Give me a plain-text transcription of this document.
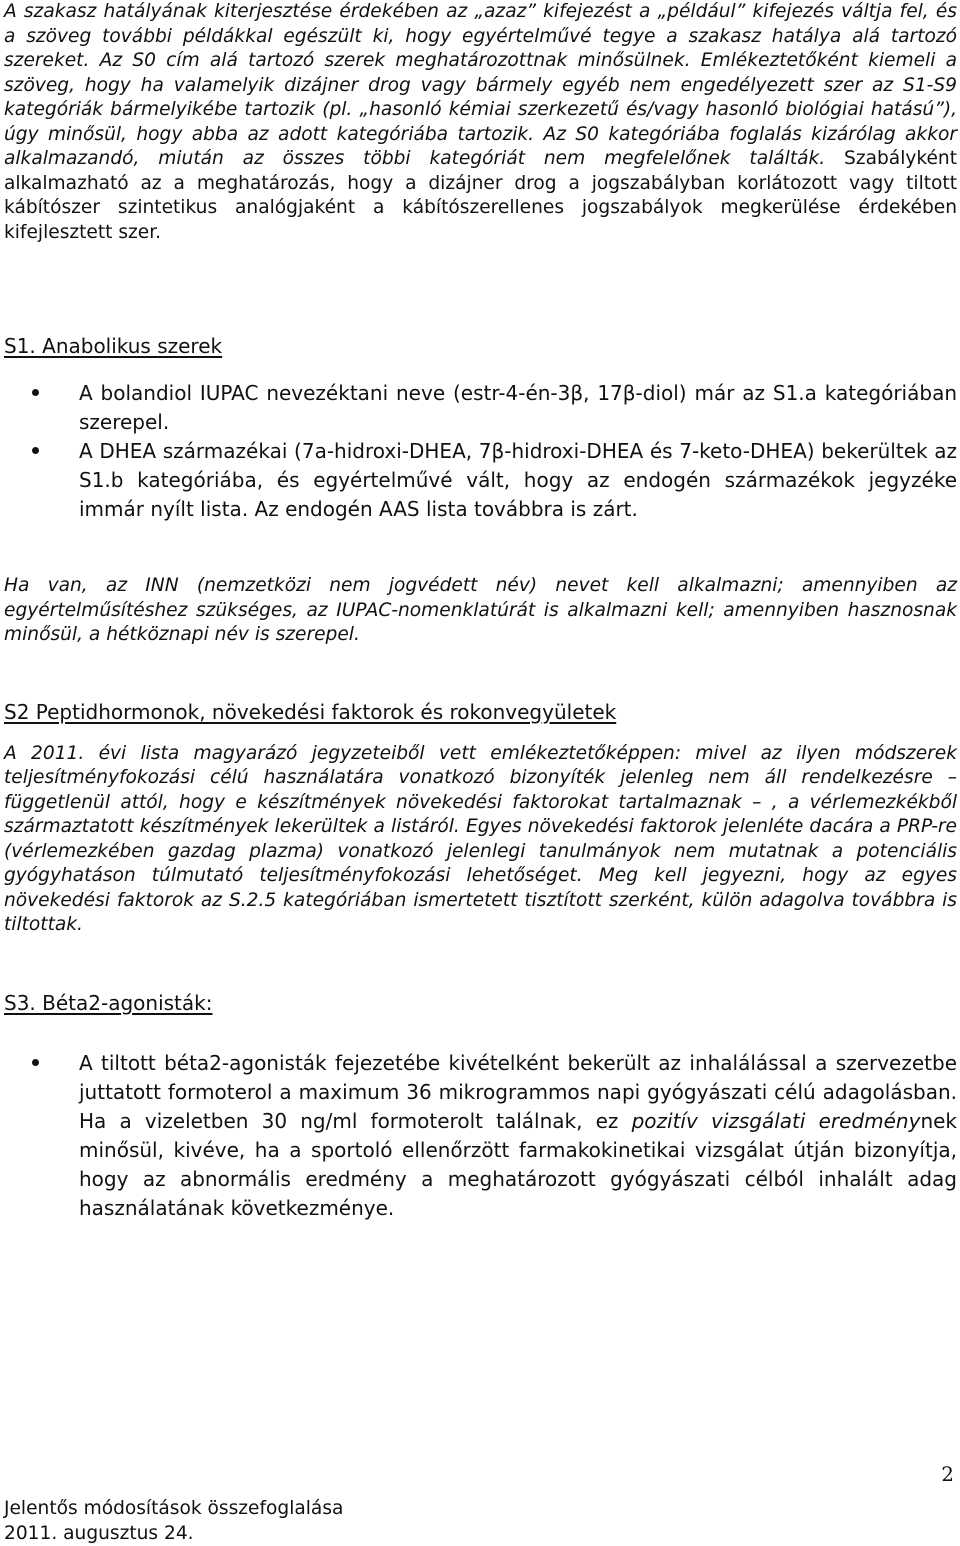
A szakasz hatályának kiterjesztése érdekében az „azaz” kifejezést a „például” kifejezés váltja fel, és a szöveg további példákkal egészült ki, hogy egyértelművé tegye a szakasz hatálya alá tartozó szereket. Az S0 cím alá tartozó szerek meghatározottnak minősülnek. Emlékeztetőként kiemeli a szöveg, hogy ha valamelyik dizájner drog vagy bármely egyéb nem engedélyezett szer az S1-S9 kategóriák bármelyikébe tartozik (pl. „hasonló kémiai szerkezetű és/vagy hasonló biológiai hatású”), úgy minősül, hogy abba az adott kategóriába tartozik. Az S0 kategóriába foglalás kizárólag akkor alkalmazandó, miután az összes többi kategóriát nem megfelelőnek találták. Szabályként alkalmazható az a meghatározás, hogy a dizájner drog a jogszabályban korlátozott vagy tiltott kábítószer szintetikus analógjaként a kábítószerellenes jogszabályok megkerülése érdekében kifejlesztett szer.

S1. Anabolikus szerek

A bolandiol IUPAC nevezéktani neve (estr-4-én-3β, 17β-diol) már az S1.a kategóriában szerepel.

A DHEA származékai (7a-hidroxi-DHEA, 7β-hidroxi-DHEA és 7-keto-DHEA) bekerültek az S1.b kategóriába, és egyértelművé vált, hogy az endogén származékok jegyzéke immár nyílt lista. Az endogén AAS lista továbbra is zárt.

Ha van, az INN (nemzetközi nem jogvédett név) nevet kell alkalmazni; amennyiben az egyértelműsítéshez szükséges, az IUPAC-nomenklatúrát is alkalmazni kell; amennyiben hasznosnak minősül, a hétköznapi név is szerepel.

S2 Peptidhormonok, növekedési faktorok és rokonvegyületek

A 2011. évi lista magyarázó jegyzeteiből vett emlékeztetőképpen: mivel az ilyen módszerek teljesítményfokozási célú használatára vonatkozó bizonyíték jelenleg nem áll rendelkezésre – függetlenül attól, hogy e készítmények növekedési faktorokat tartalmaznak – , a vérlemezkékből származtatott készítmények lekerültek a listáról. Egyes növekedési faktorok jelenléte dacára a PRP-re (vérlemezkében gazdag plazma) vonatkozó jelenlegi tanulmányok nem mutatnak a potenciális gyógyhatáson túlmutató teljesítményfokozási lehetőséget. Meg kell jegyezni, hogy az egyes növekedési faktorok az S.2.5 kategóriában ismertetett tisztított szerként, külön adagolva továbbra is tiltottak.

S3. Béta2-agonisták:

A tiltott béta2-agonisták fejezetébe kivételként bekerült az inhalálással a szervezetbe juttatott formoterol a maximum 36 mikrogrammos napi gyógyászati célú adagolásban. Ha a vizeletben 30 ng/ml formoterolt találnak, ez pozitív vizsgálati eredménynek minősül, kivéve, ha a sportoló ellenőrzött farmakokinetikai vizsgálat útján bizonyítja, hogy az abnormális eredmény a meghatározott gyógyászati célból inhalált adag használatának következménye.

2
Jelentős módosítások összefoglalása
2011. augusztus 24.
